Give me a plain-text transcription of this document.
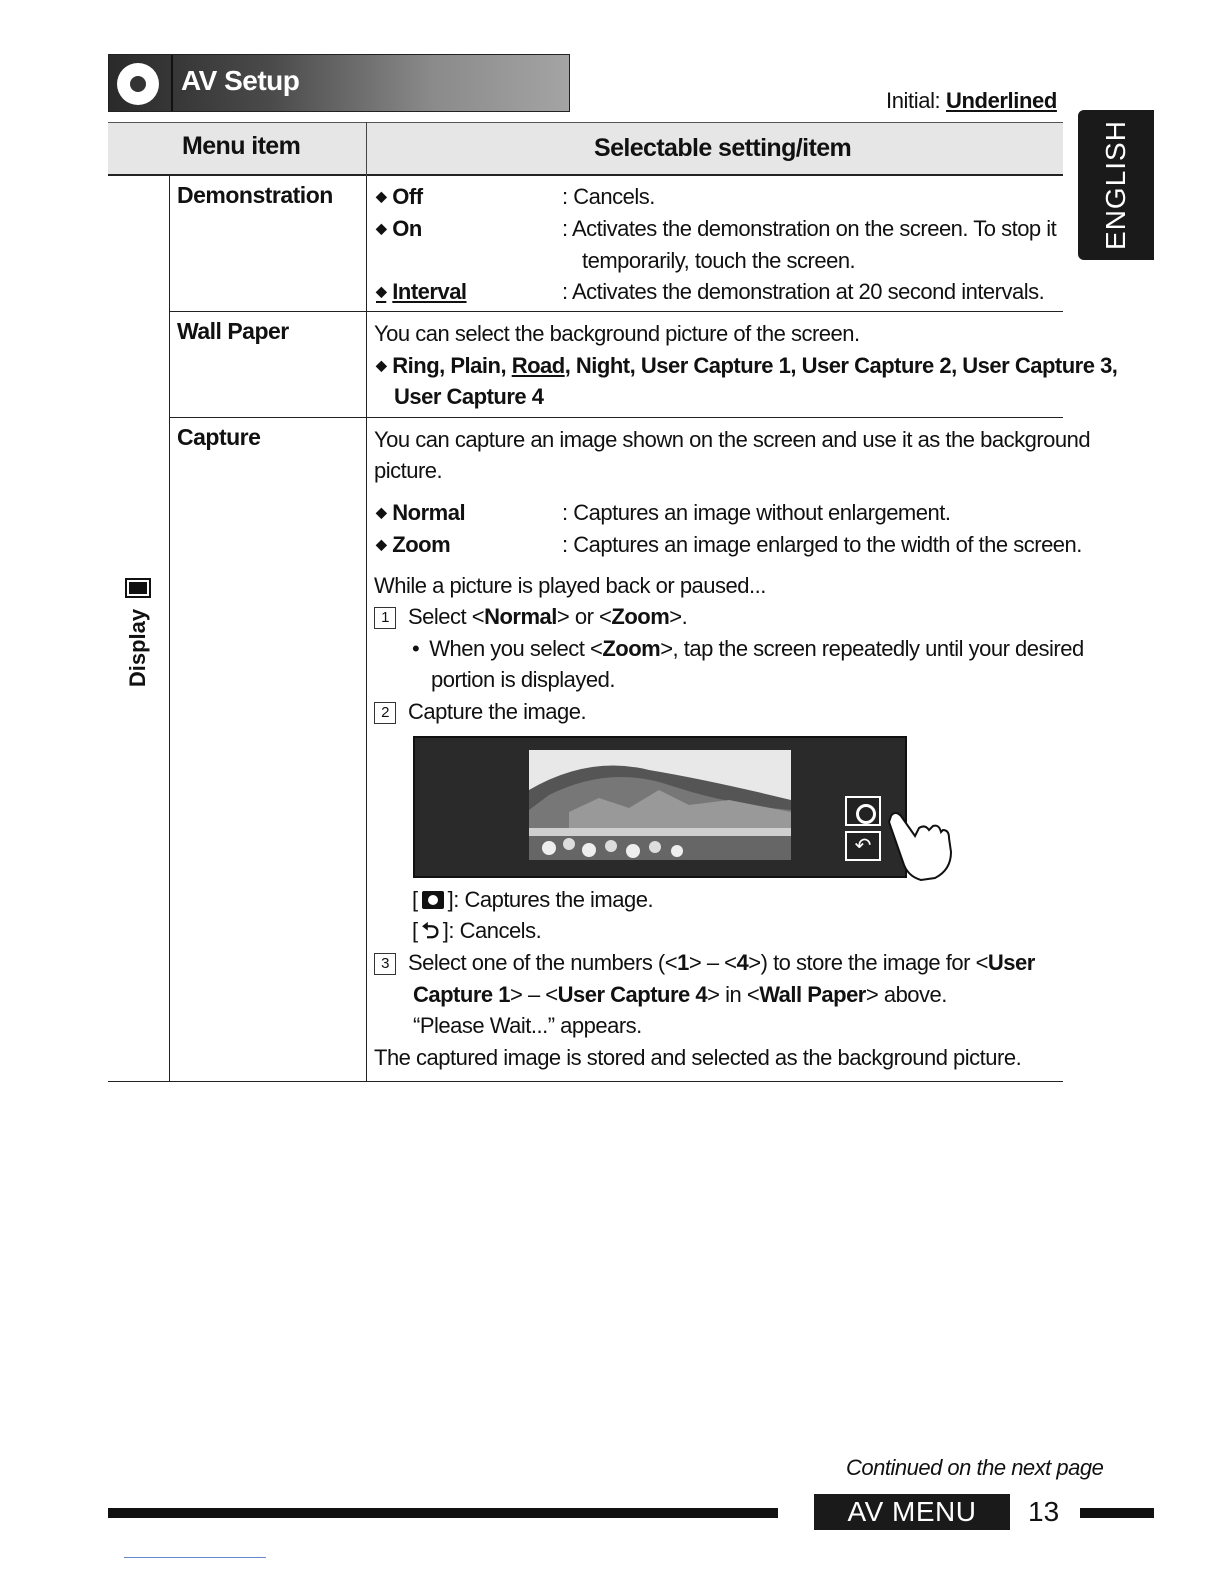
AV Setup
Initial: Underlined
ENGLISH
Menu item	Selectable setting/item
Display
Demonstration
◆	Off	: Cancels.
◆ On	: Activates the demonstration on the screen. To stop it
temporarily, touch the screen.
◆ Interval	: Activates the demonstration at 20 second intervals.
Wall Paper	You can select the background picture of the screen.
◆ Ring, Plain, Road, Night, User Capture 1, User Capture 2, User Capture 3,
User Capture 4
Capture	You can capture an image shown on the screen and use it as the background
picture.
◆ Normal	: Captures an image without enlargement.
◆ Zoom	: Captures an image enlarged to the width of the screen.
While a picture is played back or paused...
1 Select <Normal> or <Zoom>.
• When you select <Zoom>, tap the screen repeatedly until your desired
portion is displayed.
2 Capture the image.
↶
[ ]: Captures the image.
[ ⮌ ]: Cancels.
3 Select one of the numbers (<1> – <4>) to store the image for <User
Capture 1> – <User Capture 4> in <Wall Paper> above.
“Please Wait...” appears.
The captured image is stored and selected as the background picture.
Continued on the next page
AV MENU	13
